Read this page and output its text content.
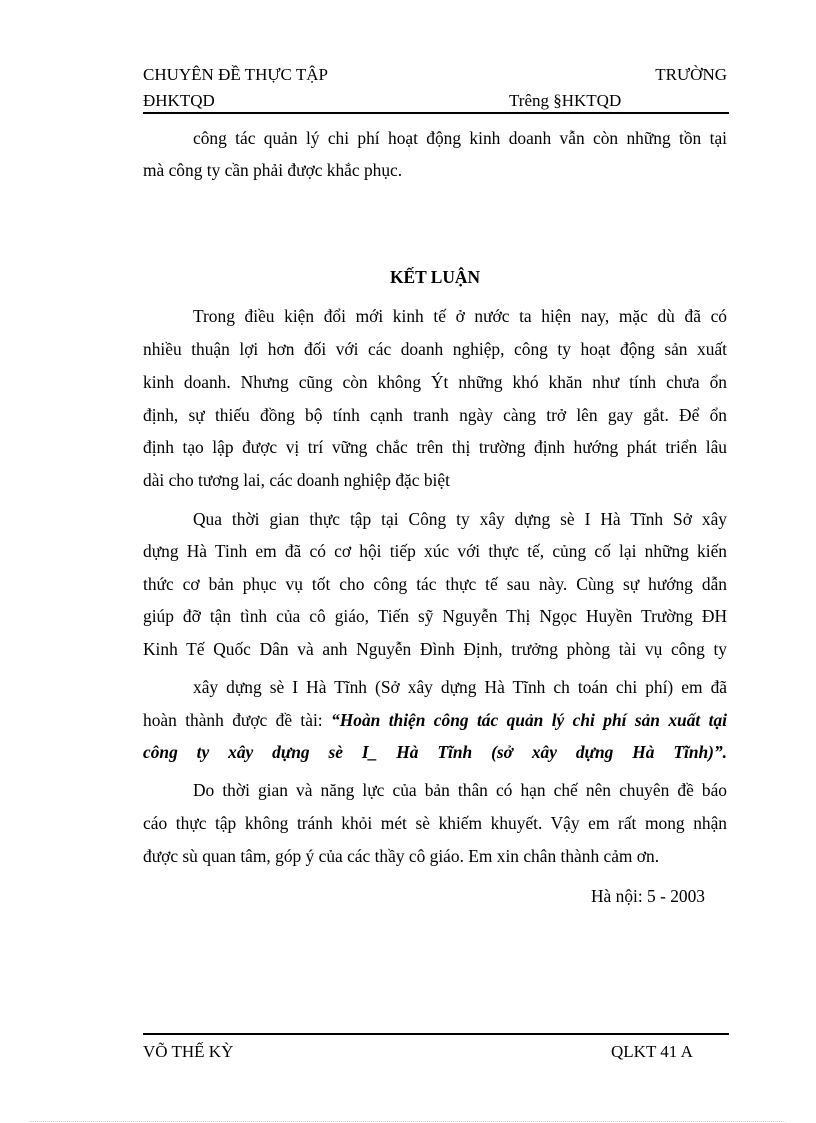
CHUYÊN ĐỀ THỰC TẬP	TRƯỜNG
ĐHKTQD	Trêng §HKTQD
công tác quản lý chi phí hoạt động kinh doanh vẫn còn những tồn tại
mà công ty cần phải được khắc phục.
KẾT LUẬN
Trong điều kiện đổi mới kinh tế ở nước ta hiện nay, mặc dù đã có
nhiều thuận lợi hơn đối với các doanh nghiệp, công ty hoạt động sản xuất
kinh doanh. Nhưng cũng còn không Ýt những khó khăn như tính chưa ổn
định, sự thiếu đồng bộ tính cạnh tranh ngày càng trở lên gay gắt. Để ổn
định tạo lập được vị trí vững chắc trên thị trường định hướng phát triển lâu
dài cho tương lai, các doanh nghiệp đặc biệt
Qua thời gian thực tập tại Công ty xây dựng sè I Hà Tĩnh Sở xây
dựng Hà Tinh em đã có cơ hội tiếp xúc với thực tế, củng cố lại những kiến
thức cơ bản phục vụ tốt cho công tác thực tế sau này. Cùng sự hướng dẫn
giúp đỡ tận tình của cô giáo, Tiến sỹ Nguyễn Thị Ngọc Huyền Trường ĐH
Kinh Tế Quốc Dân và anh Nguyễn Đình Định, trưởng phòng tài vụ công ty
xây dựng sè I Hà Tĩnh (Sở xây dựng Hà Tĩnh ch toán chi phí) em đã
hoàn thành được đề tài: “Hoàn thiện công tác quản lý chi phí sản xuất tại
công ty xây dựng sè I_ Hà Tĩnh (sở xây dựng Hà Tĩnh)”.
Do thời gian và năng lực của bản thân có hạn chế nên chuyên đề báo
cáo thực tập không tránh khỏi mét sè khiếm khuyết. Vậy em rất mong nhận
được sù quan tâm, góp ý của các thầy cô giáo. Em xin chân thành cảm ơn.
Hà nội: 5 - 2003
VÕ THẾ KỲ	QLKT 41 A
